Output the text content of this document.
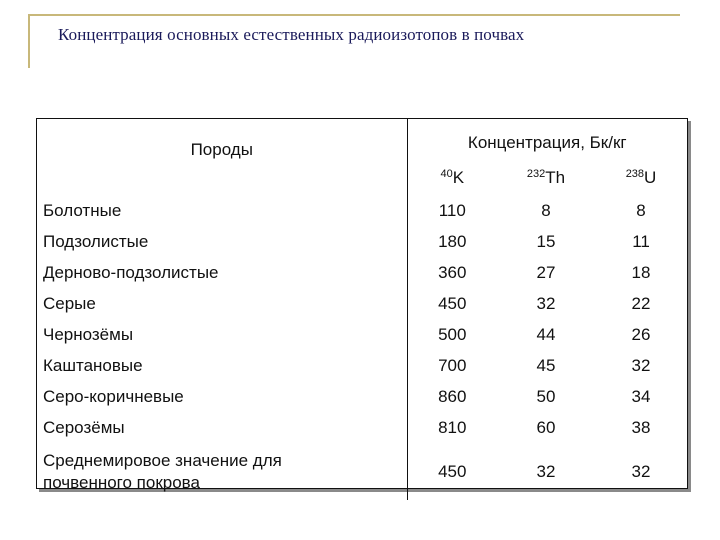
Концентрация основных естественных радиоизотопов в почвах
Породы	Концентрация, Бк/кг		
	$^{40}$K	$^{232}$Th	$^{238}$U
Болотные	110	8	8
Подзолистые	180	15	11
Дерново-подзолистые	360	27	18
Серые	450	32	22
Чернозёмы	500	44	26
Каштановые	700	45	32
Серо-коричневые	860	50	34
Серозёмы	810	60	38

Среднемировое значение для
почвенного покрова	450	32	32
